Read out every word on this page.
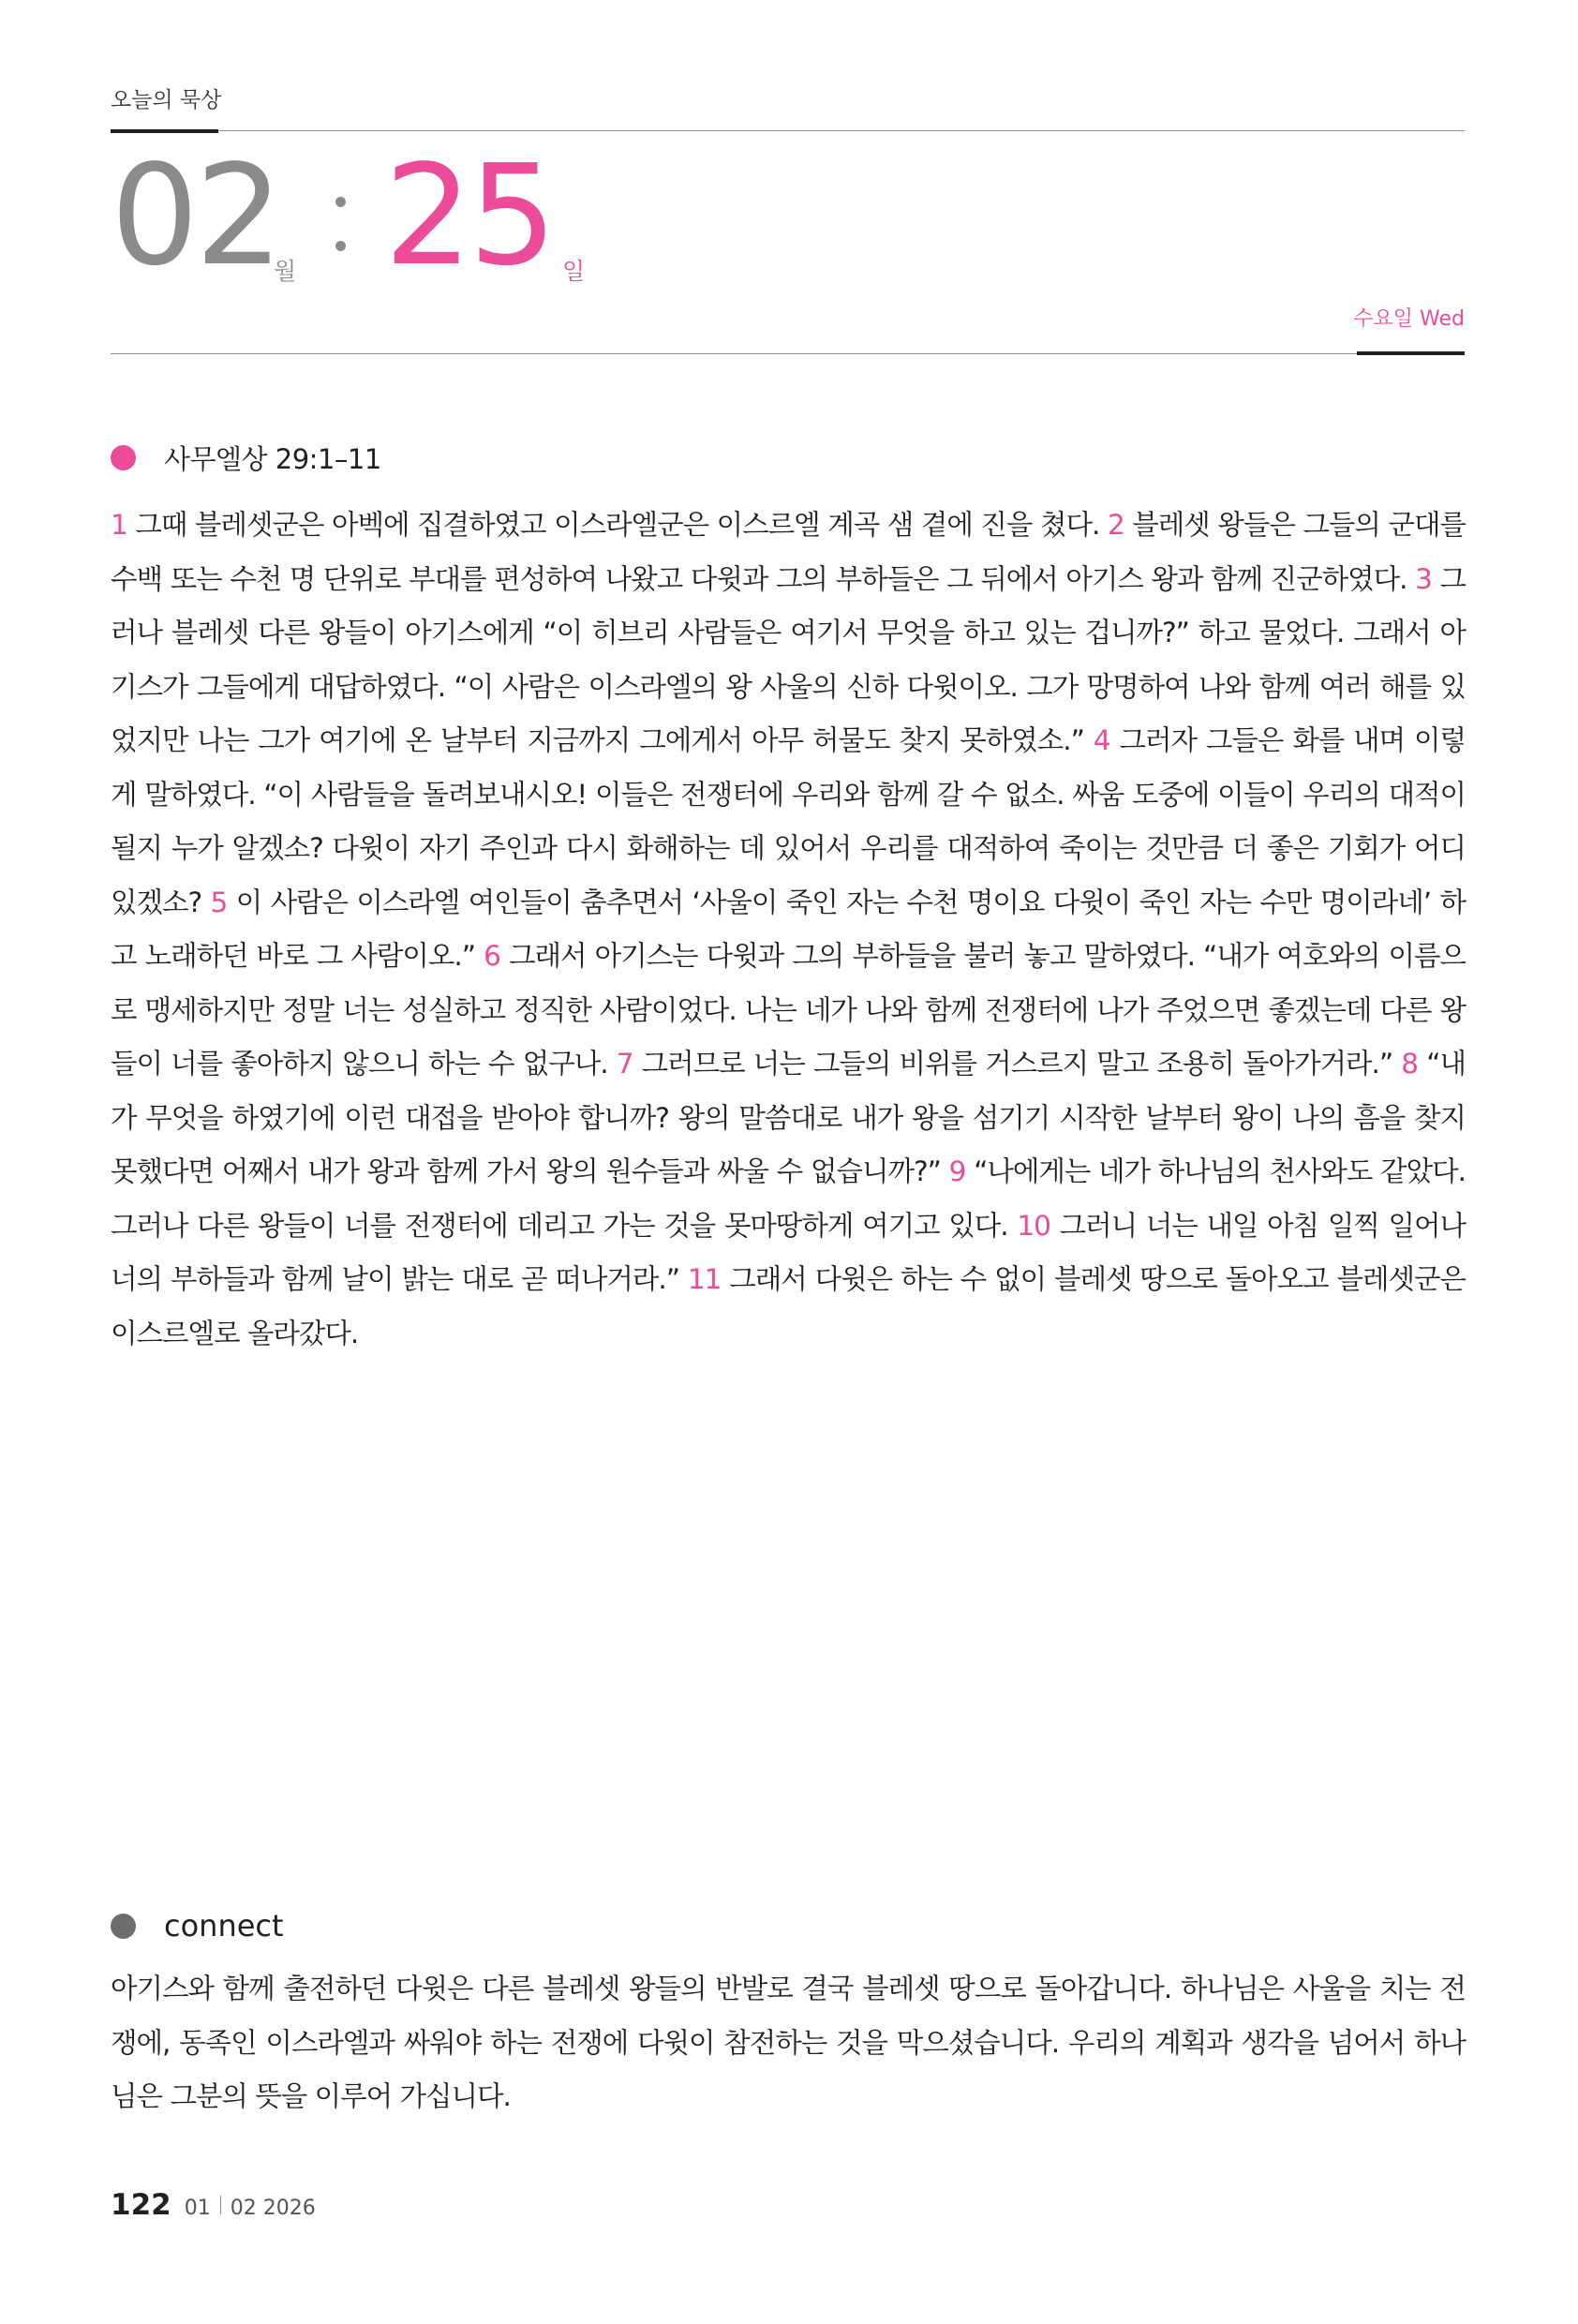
오늘의 묵상
02
월 25 일
수요일 Wed
사무엘상 29:1–11
1 그때 블레셋군은 아벡에 집결하였고 이스라엘군은 이스르엘 계곡 샘 곁에 진을 쳤다. 2 블레셋 왕들은 그들의 군대를 수백 또는 수천 명 단위로 부대를 편성하여 나왔고 다윗과 그의 부하들은 그 뒤에서 아기스 왕과 함께 진군하였다. 3 그러나 블레셋 다른 왕들이 아기스에게 “이 히브리 사람들은 여기서 무엇을 하고 있는 겁니까?” 하고 물었다. 그래서 아기스가 그들에게 대답하였다. “이 사람은 이스라엘의 왕 사울의 신하 다윗이오. 그가 망명하여 나와 함께 여러 해를 있었지만 나는 그가 여기에 온 날부터 지금까지 그에게서 아무 허물도 찾지 못하였소.” 4 그러자 그들은 화를 내며 이렇게 말하였다. “이 사람들을 돌려보내시오! 이들은 전쟁터에 우리와 함께 갈 수 없소. 싸움 도중에 이들이 우리의 대적이 될지 누가 알겠소? 다윗이 자기 주인과 다시 화해하는 데 있어서 우리를 대적하여 죽이는 것만큼 더 좋은 기회가 어디 있겠소? 5 이 사람은 이스라엘 여인들이 춤추면서 ‘사울이 죽인 자는 수천 명이요 다윗이 죽인 자는 수만 명이라네’ 하고 노래하던 바로 그 사람이오.” 6 그래서 아기스는 다윗과 그의 부하들을 불러 놓고 말하였다. “내가 여호와의 이름으로 맹세하지만 정말 너는 성실하고 정직한 사람이었다. 나는 네가 나와 함께 전쟁터에 나가 주었으면 좋겠는데 다른 왕들이 너를 좋아하지 않으니 하는 수 없구나. 7 그러므로 너는 그들의 비위를 거스르지 말고 조용히 돌아가거라.” 8 “내가 무엇을 하였기에 이런 대접을 받아야 합니까? 왕의 말씀대로 내가 왕을 섬기기 시작한 날부터 왕이 나의 흠을 찾지 못했다면 어째서 내가 왕과 함께 가서 왕의 원수들과 싸울 수 없습니까?” 9 “나에게는 네가 하나님의 천사와도 같았다. 그러나 다른 왕들이 너를 전쟁터에 데리고 가는 것을 못마땅하게 여기고 있다. 10 그러니 너는 내일 아침 일찍 일어나 너의 부하들과 함께 날이 밝는 대로 곧 떠나거라.” 11 그래서 다윗은 하는 수 없이 블레셋 땅으로 돌아오고 블레셋군은 이스르엘로 올라갔다.
connect
아기스와 함께 출전하던 다윗은 다른 블레셋 왕들의 반발로 결국 블레셋 땅으로 돌아갑니다. 하나님은 사울을 치는 전쟁에, 동족인 이스라엘과 싸워야 하는 전쟁에 다윗이 참전하는 것을 막으셨습니다. 우리의 계획과 생각을 넘어서 하나님은 그분의 뜻을 이루어 가십니다.
122 01 02 2026
